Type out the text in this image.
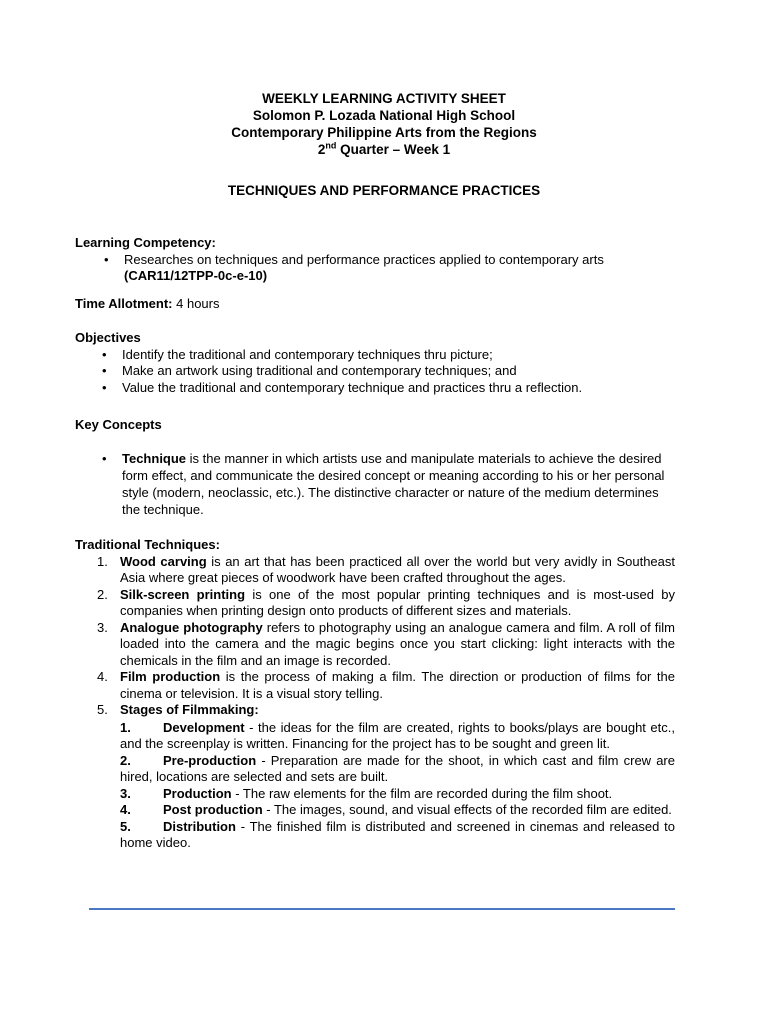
WEEKLY LEARNING ACTIVITY SHEET
Solomon P. Lozada National High School
Contemporary Philippine Arts from the Regions
2nd Quarter – Week 1
TECHNIQUES AND PERFORMANCE PRACTICES
Learning Competency:
• Researches on techniques and performance practices applied to contemporary arts
(CAR11/12TPP-0c-e-10)
Time Allotment: 4 hours
Objectives
• Identify the traditional and contemporary techniques thru picture;
• Make an artwork using traditional and contemporary techniques; and
• Value the traditional and contemporary technique and practices thru a reflection.
Key Concepts
• Technique is the manner in which artists use and manipulate materials to achieve the desired form effect, and communicate the desired concept or meaning according to his or her personal style (modern, neoclassic, etc.). The distinctive character or nature of the medium determines the technique.
Traditional Techniques:
1. Wood carving is an art that has been practiced all over the world but very avidly in Southeast Asia where great pieces of woodwork have been crafted throughout the ages.
2. Silk-screen printing is one of the most popular printing techniques and is most-used by companies when printing design onto products of different sizes and materials.
3. Analogue photography refers to photography using an analogue camera and film. A roll of film loaded into the camera and the magic begins once you start clicking: light interacts with the chemicals in the film and an image is recorded.
4. Film production is the process of making a film. The direction or production of films for the cinema or television. It is a visual story telling.
5. Stages of Filmmaking:
1. Development - the ideas for the film are created, rights to books/plays are bought etc., and the screenplay is written. Financing for the project has to be sought and green lit.
2. Pre-production - Preparation are made for the shoot, in which cast and film crew are hired, locations are selected and sets are built.
3. Production - The raw elements for the film are recorded during the film shoot.
4. Post production - The images, sound, and visual effects of the recorded film are edited.
5. Distribution - The finished film is distributed and screened in cinemas and released to home video.
